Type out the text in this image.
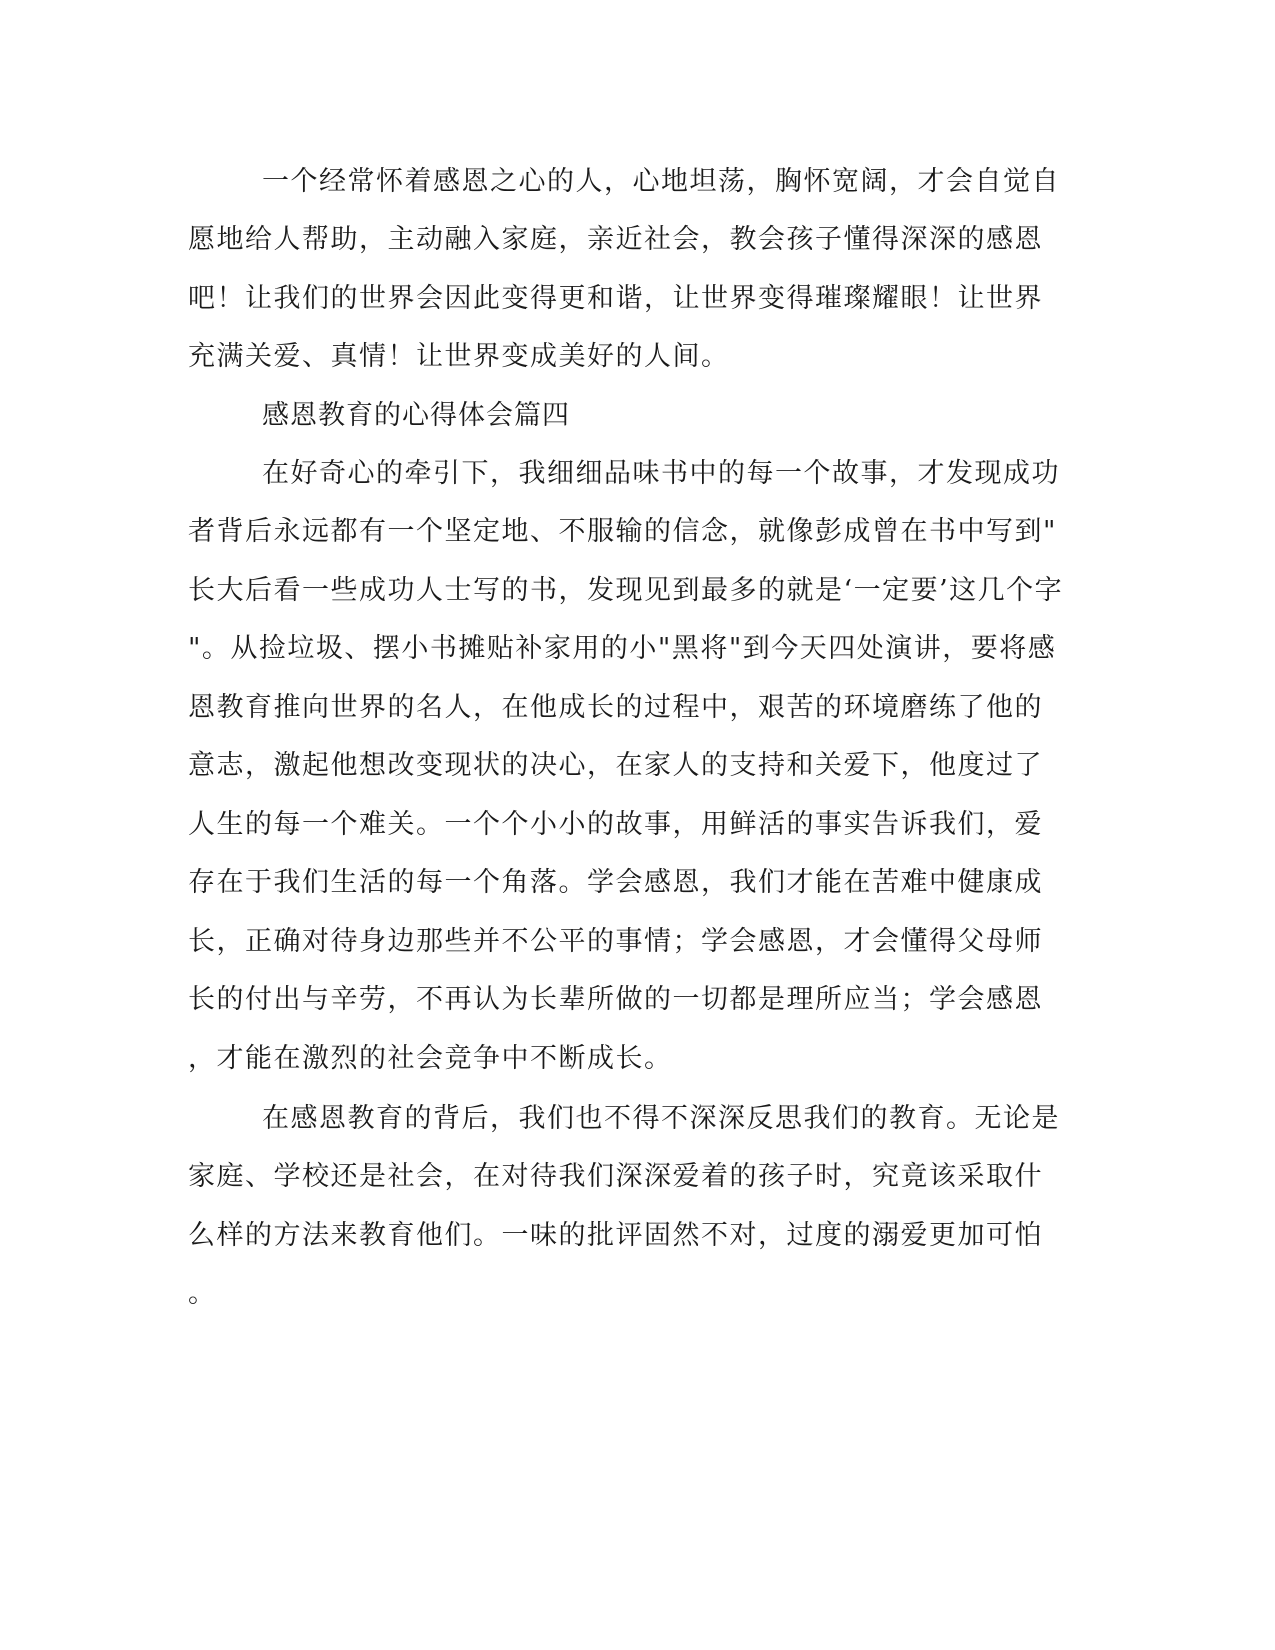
一个经常怀着感恩之心的人，心地坦荡，胸怀宽阔，才会自觉自
愿地给人帮助，主动融入家庭，亲近社会，教会孩子懂得深深的感恩
吧！让我们的世界会因此变得更和谐，让世界变得璀璨耀眼！让世界
充满关爱、真情！让世界变成美好的人间。
感恩教育的心得体会篇四
在好奇心的牵引下，我细细品味书中的每一个故事，才发现成功
者背后永远都有一个坚定地、不服输的信念，就像彭成曾在书中写到"
长大后看一些成功人士写的书，发现见到最多的就是‘一定要’这几个字
"。从捡垃圾、摆小书摊贴补家用的小"黑将"到今天四处演讲，要将感
恩教育推向世界的名人，在他成长的过程中，艰苦的环境磨练了他的
意志，激起他想改变现状的决心，在家人的支持和关爱下，他度过了
人生的每一个难关。一个个小小的故事，用鲜活的事实告诉我们，爱
存在于我们生活的每一个角落。学会感恩，我们才能在苦难中健康成
长，正确对待身边那些并不公平的事情；学会感恩，才会懂得父母师
长的付出与辛劳，不再认为长辈所做的一切都是理所应当；学会感恩
，才能在激烈的社会竞争中不断成长。
在感恩教育的背后，我们也不得不深深反思我们的教育。无论是
家庭、学校还是社会，在对待我们深深爱着的孩子时，究竟该采取什
么样的方法来教育他们。一味的批评固然不对，过度的溺爱更加可怕
。
